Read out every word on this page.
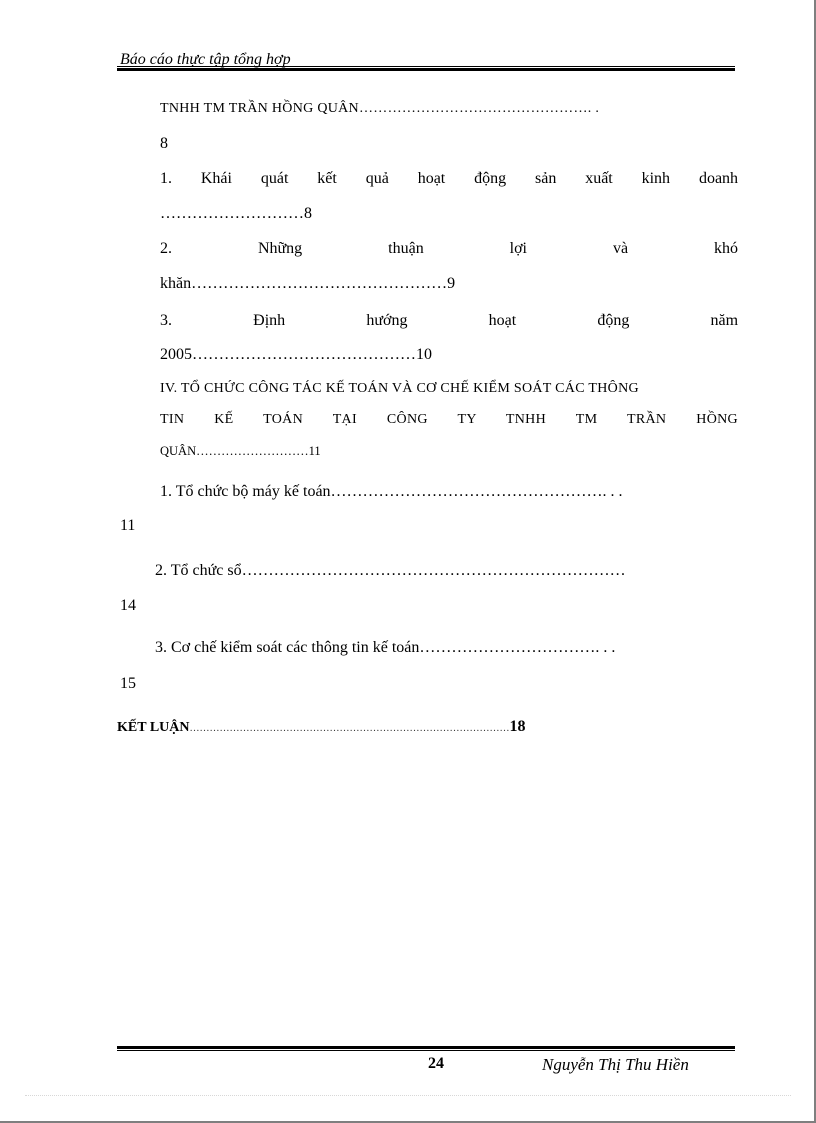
Báo cáo thực tập tổng hợp
TNHH TM TRẦN HỒNG QUÂN…………………………………………. .
8
1. Khái quát kết quả hoạt động sản xuất kinh doanh
………………………8
2.	Những	thuận	lợi	và	khó
khăn…………………………………………9
3.	Định	hướng	hoạt	động	năm
2005……………………………………10
IV. TỔ CHỨC CÔNG TÁC KẾ TOÁN VÀ CƠ CHẾ KIỂM SOÁT CÁC THÔNG
TIN KẾ TOÁN TẠI CÔNG TY TNHH TM TRẦN HỒNG
QUÂN………………………11
1. Tổ chức bộ máy kế toán……………………………………………. . .
11
2. Tổ chức sổ………………………………………………………………
14
3. Cơ chế kiểm soát các thông tin kế toán……………………………. . .
15
KẾT LUẬN……………………………………………………………………………………18
24	Nguyễn Thị Thu Hiền
